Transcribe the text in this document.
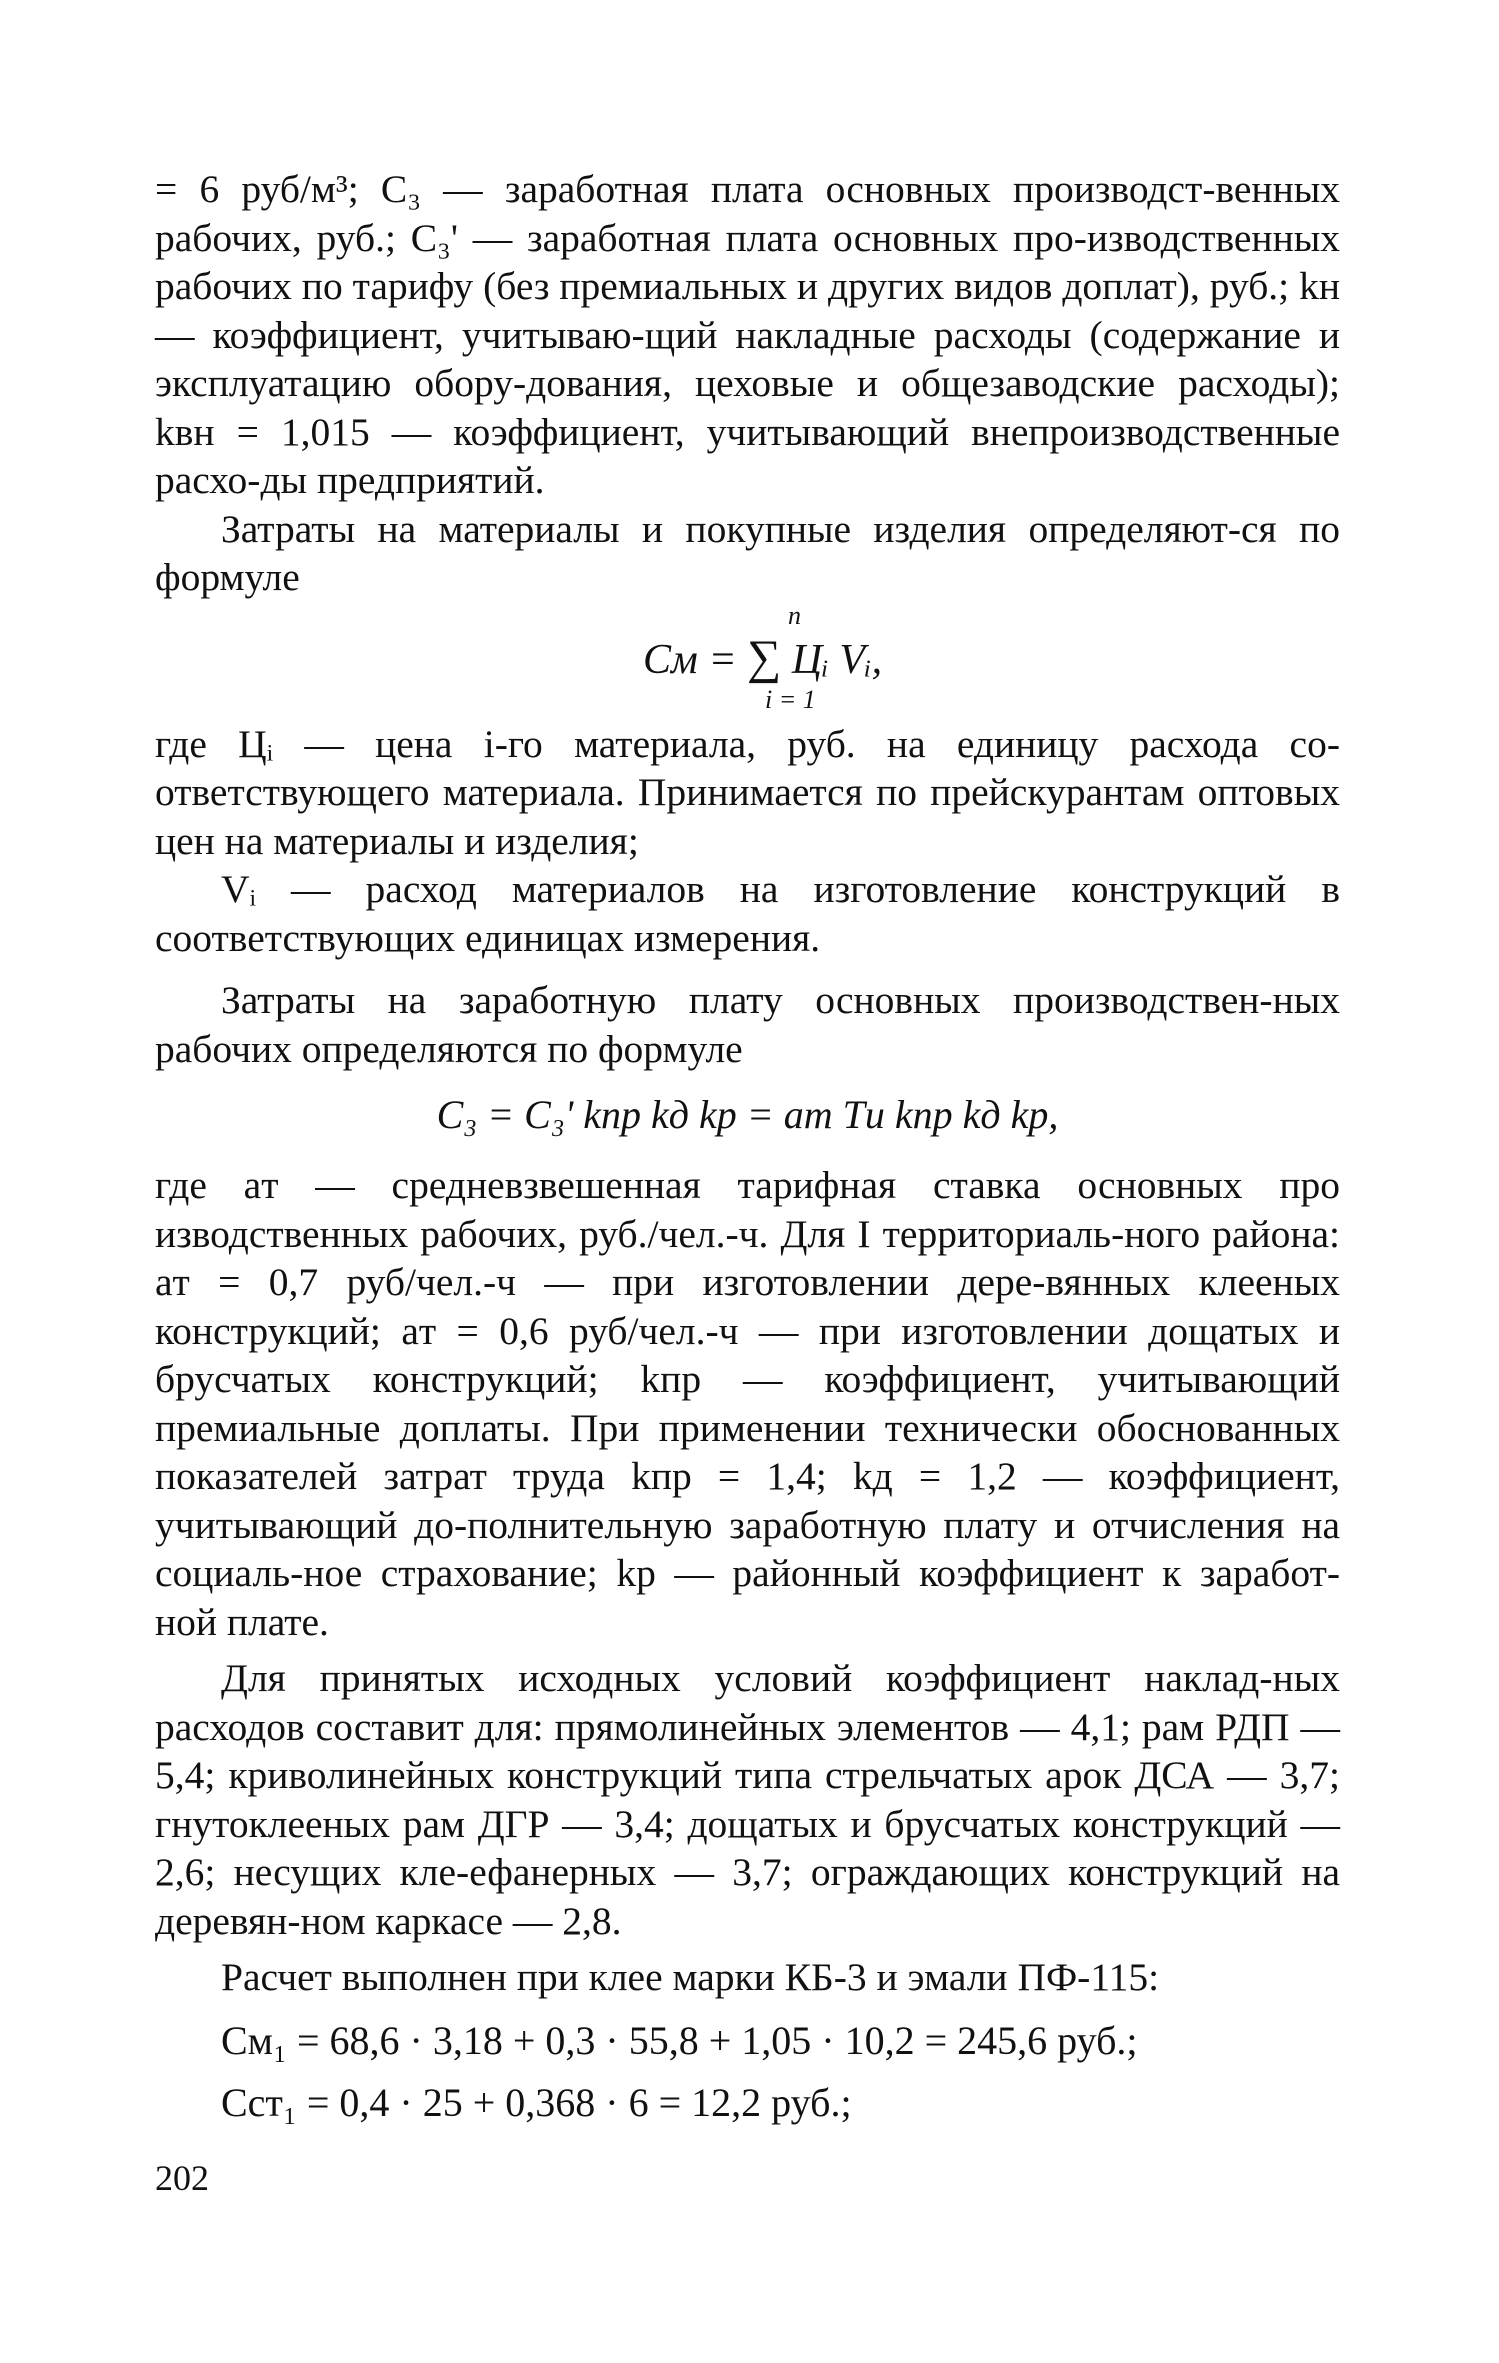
= 6 руб/м³; C₃ — заработная плата основных производст-венных рабочих, руб.; C₃' — заработная плата основных про-изводственных рабочих по тарифу (без премиальных и других видов доплат), руб.; kн — коэффициент, учитываю-щий накладные расходы (содержание и эксплуатацию обору-дования, цеховые и общезаводские расходы); kвн = 1,015 — коэффициент, учитывающий внепроизводственные расхо-ды предприятий.

Затраты на материалы и покупные изделия определяют-ся по формуле

n
Cм = ∑ Цᵢ Vᵢ,
i = 1

где Цᵢ — цена i-го материала, руб. на единицу расхода со-ответствующего материала. Принимается по прейскурантам оптовых цен на материалы и изделия;

Vᵢ — расход материалов на изготовление конструкций в соответствующих единицах измерения.

Затраты на заработную плату основных производствен-ных рабочих определяются по формуле

C₃ = C₃' kпр kд kр = aт Tи kпр kд kр,

где aт — средневзвешенная тарифная ставка основных про изводственных рабочих, руб./чел.-ч. Для I территориаль-ного района: aт = 0,7 руб/чел.-ч — при изготовлении дере-вянных клееных конструкций; aт = 0,6 руб/чел.-ч — при изготовлении дощатых и брусчатых конструкций; kпр — коэффициент, учитывающий премиальные доплаты. При применении технически обоснованных показателей затрат труда kпр = 1,4; kд = 1,2 — коэффициент, учитывающий до-полнительную заработную плату и отчисления на социаль-ное страхование; kр — районный коэффициент к заработ-ной плате.

Для принятых исходных условий коэффициент наклад-ных расходов составит для: прямолинейных элементов — 4,1; рам РДП — 5,4; криволинейных конструкций типа стрельчатых арок ДСА — 3,7; гнутоклееных рам ДГР — 3,4; дощатых и брусчатых конструкций — 2,6; несущих кле-ефанерных — 3,7; ограждающих конструкций на деревян-ном каркасе — 2,8.

Расчет выполнен при клее марки КБ-3 и эмали ПФ-115:

Cм₁ = 68,6 · 3,18 + 0,3 · 55,8 + 1,05 · 10,2 = 245,6 руб.;

Cст₁ = 0,4 · 25 + 0,368 · 6 = 12,2 руб.;

202
